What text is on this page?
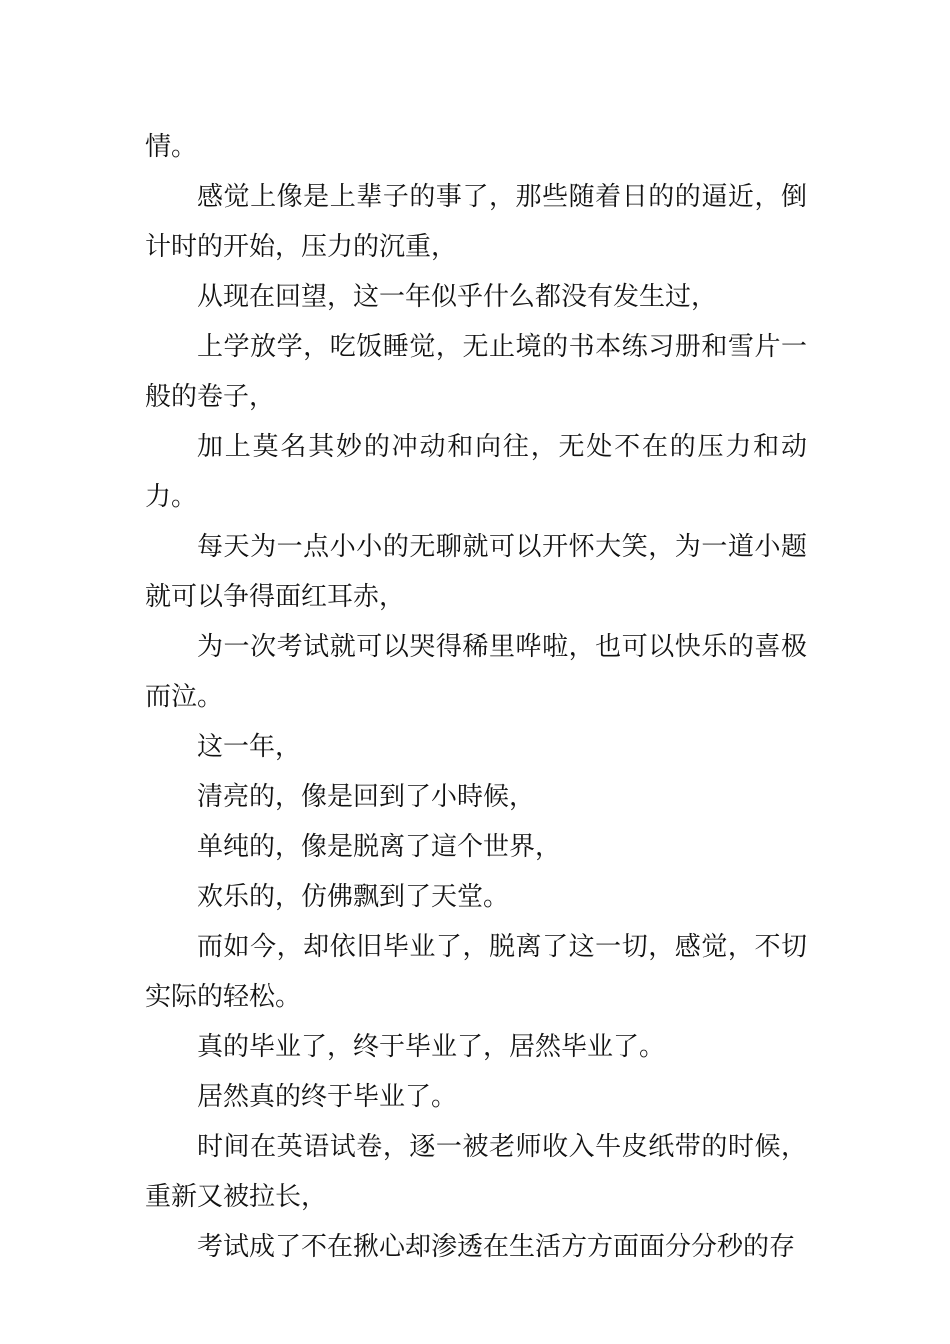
情。

感觉上像是上辈子的事了，那些随着日的的逼近，倒计时的开始，压力的沉重，

从现在回望，这一年似乎什么都没有发生过，

上学放学，吃饭睡觉，无止境的书本练习册和雪片一般的卷子，

加上莫名其妙的冲动和向往，无处不在的压力和动力。

每天为一点小小的无聊就可以开怀大笑，为一道小题就可以争得面红耳赤，

为一次考试就可以哭得稀里哗啦，也可以快乐的喜极而泣。

这一年，

清亮的，像是回到了小時候，

单纯的，像是脱离了這个世界，

欢乐的，仿佛飘到了天堂。

而如今，却依旧毕业了，脱离了这一切，感觉，不切实际的轻松。

真的毕业了，终于毕业了，居然毕业了。

居然真的终于毕业了。

时间在英语试卷，逐一被老师收入牛皮纸带的时候，重新又被拉长，

考试成了不在揪心却渗透在生活方方面面分分秒的存
